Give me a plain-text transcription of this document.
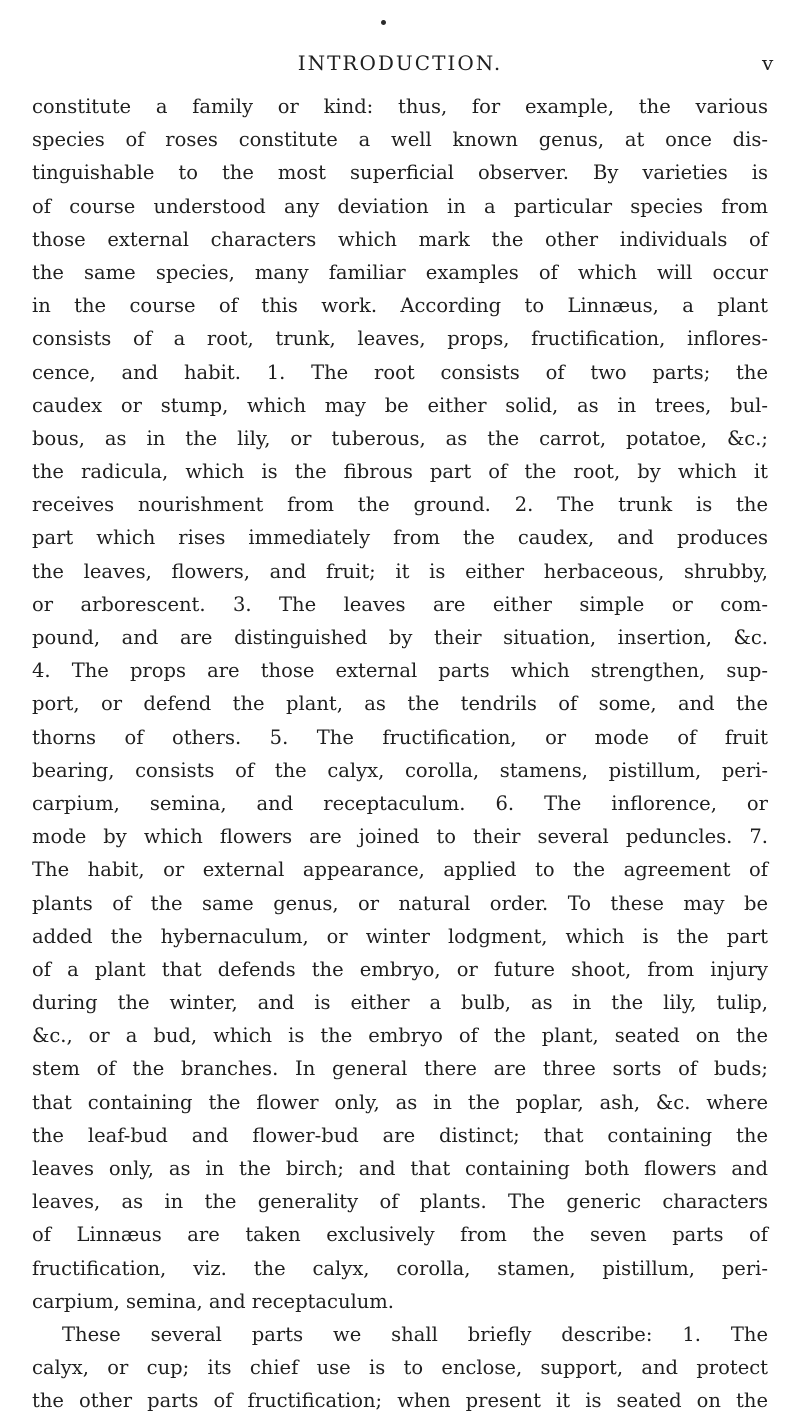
INTRODUCTION.	v
constitute a family or kind: thus, for example, the various
species of roses constitute a well known genus, at once dis-
tinguishable to the most superficial observer. By varieties is
of course understood any deviation in a particular species from
those external characters which mark the other individuals of
the same species, many familiar examples of which will occur
in the course of this work. According to Linnæus, a plant
consists of a root, trunk, leaves, props, fructification, inflores-
cence, and habit. 1. The root consists of two parts; the
caudex or stump, which may be either solid, as in trees, bul-
bous, as in the lily, or tuberous, as the carrot, potatoe, &c.;
the radicula, which is the fibrous part of the root, by which it
receives nourishment from the ground. 2. The trunk is the
part which rises immediately from the caudex, and produces
the leaves, flowers, and fruit; it is either herbaceous, shrubby,
or arborescent. 3. The leaves are either simple or com-
pound, and are distinguished by their situation, insertion, &c.
4. The props are those external parts which strengthen, sup-
port, or defend the plant, as the tendrils of some, and the
thorns of others. 5. The fructification, or mode of fruit
bearing, consists of the calyx, corolla, stamens, pistillum, peri-
carpium, semina, and receptaculum. 6. The inflorence, or
mode by which flowers are joined to their several peduncles. 7.
The habit, or external appearance, applied to the agreement of
plants of the same genus, or natural order. To these may be
added the hybernaculum, or winter lodgment, which is the part
of a plant that defends the embryo, or future shoot, from injury
during the winter, and is either a bulb, as in the lily, tulip,
&c., or a bud, which is the embryo of the plant, seated on the
stem of the branches. In general there are three sorts of buds;
that containing the flower only, as in the poplar, ash, &c. where
the leaf-bud and flower-bud are distinct; that containing the
leaves only, as in the birch; and that containing both flowers and
leaves, as in the generality of plants. The generic characters
of Linnæus are taken exclusively from the seven parts of
fructification, viz. the calyx, corolla, stamen, pistillum, peri-
carpium, semina, and receptaculum.
These several parts we shall briefly describe: 1. The
calyx, or cup; its chief use is to enclose, support, and protect
the other parts of fructification; when present it is seated on the
